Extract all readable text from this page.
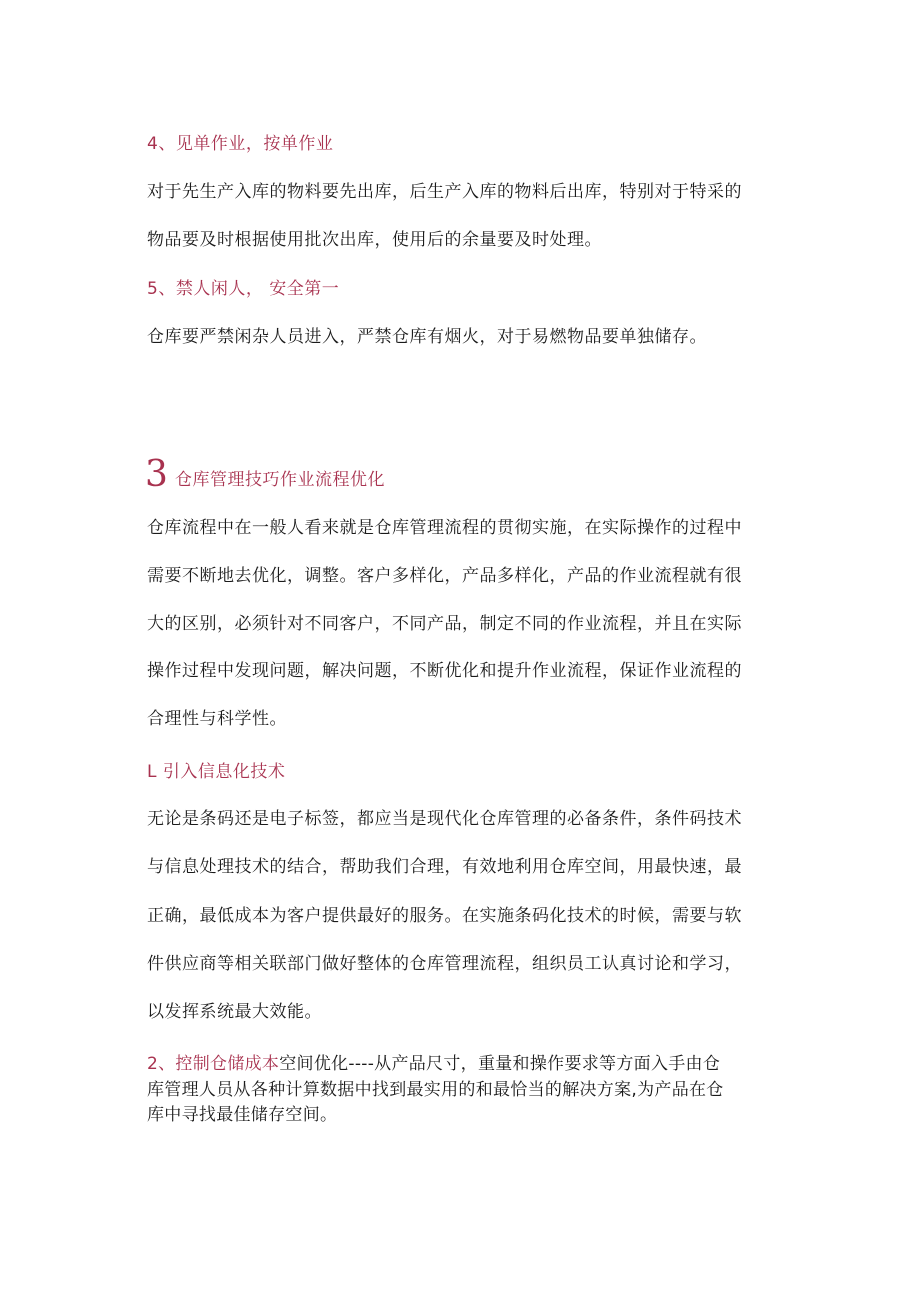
4、见单作业，按单作业
对于先生产入库的物料要先出库，后生产入库的物料后出库，特别对于特采的
物品要及时根据使用批次出库，使用后的余量要及时处理。
5、禁人闲人， 安全第一
仓库要严禁闲杂人员进入，严禁仓库有烟火，对于易燃物品要单独储存。
3 仓库管理技巧作业流程优化
仓库流程中在一般人看来就是仓库管理流程的贯彻实施，在实际操作的过程中
需要不断地去优化，调整。客户多样化，产品多样化，产品的作业流程就有很
大的区别，必须针对不同客户，不同产品，制定不同的作业流程，并且在实际
操作过程中发现问题，解决问题，不断优化和提升作业流程，保证作业流程的
合理性与科学性。
L 引入信息化技术
无论是条码还是电子标签，都应当是现代化仓库管理的必备条件，条件码技术
与信息处理技术的结合，帮助我们合理，有效地利用仓库空间，用最快速，最
正确，最低成本为客户提供最好的服务。在实施条码化技术的时候，需要与软
件供应商等相关联部门做好整体的仓库管理流程，组织员工认真讨论和学习，
以发挥系统最大效能。
2、控制仓储成本空间优化----从产品尺寸，重量和操作要求等方面入手由仓
库管理人员从各种计算数据中找到最实用的和最恰当的解决方案,为产品在仓
库中寻找最佳储存空间。
